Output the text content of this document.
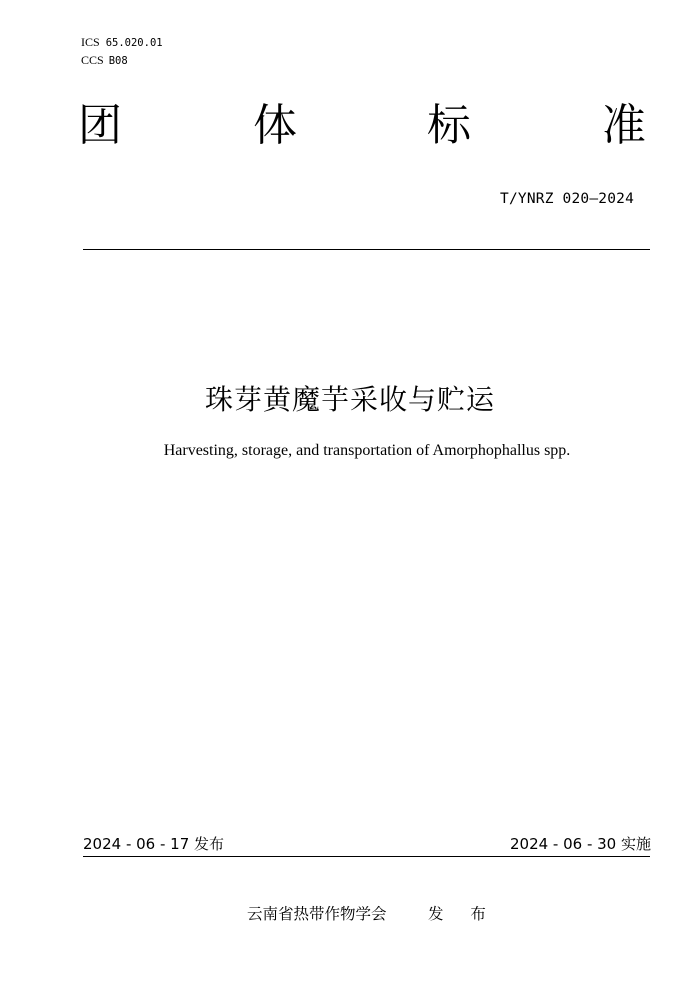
ICS 65.020.01
CCS B08
团	体	标	准
T/YNRZ 020—2024
珠芽黄魔芋采收与贮运
Harvesting, storage, and transportation of Amorphophallus spp.
2024 - 06 - 17 发布	2024 - 06 - 30 实施
云南省热带作物学会	发 布
